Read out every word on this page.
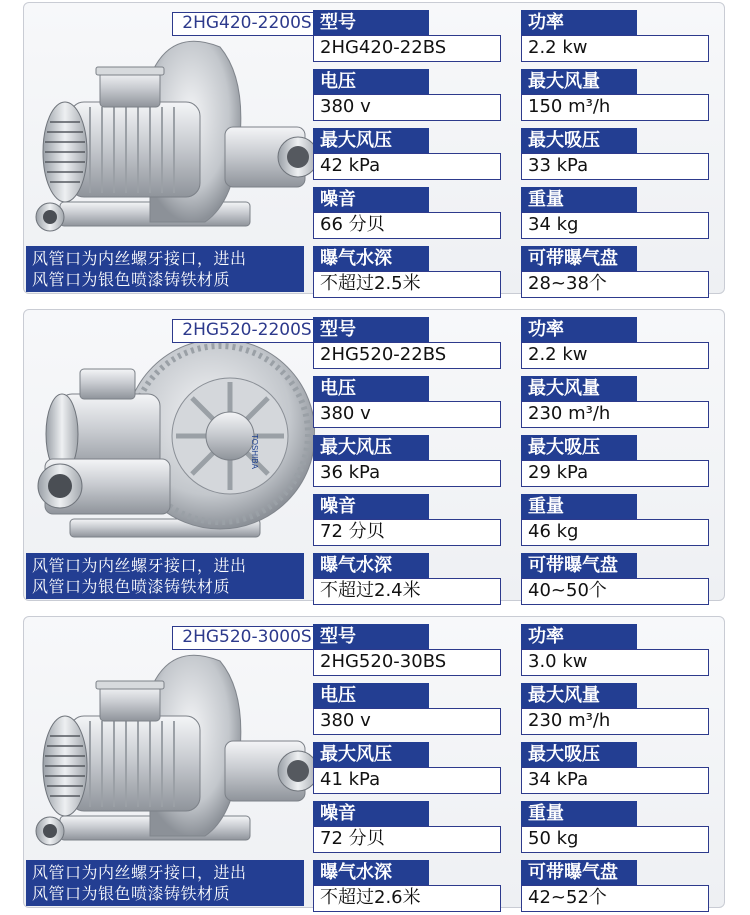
2HG420-2200S
风管口为内丝螺牙接口，进出
风管口为银色喷漆铸铁材质
型号
2HG420-22BS
功率
2.2 kw
电压
380 v
最大风量
150 m³/h
最大风压
42 kPa
最大吸压
33 kPa
噪音
66 分贝
重量
34 kg
曝气水深
不超过2.5米
可带曝气盘
28~38个
2HG520-2200S
风管口为内丝螺牙接口，进出
风管口为银色喷漆铸铁材质
型号
2HG520-22BS
功率
2.2 kw
电压
380 v
最大风量
230 m³/h
最大风压
36 kPa
最大吸压
29 kPa
噪音
72 分贝
重量
46 kg
曝气水深
不超过2.4米
可带曝气盘
40~50个
2HG520-3000S
风管口为内丝螺牙接口，进出
风管口为银色喷漆铸铁材质
型号
2HG520-30BS
功率
3.0 kw
电压
380 v
最大风量
230 m³/h
最大风压
41 kPa
最大吸压
34 kPa
噪音
72 分贝
重量
50 kg
曝气水深
不超过2.6米
可带曝气盘
42~52个
